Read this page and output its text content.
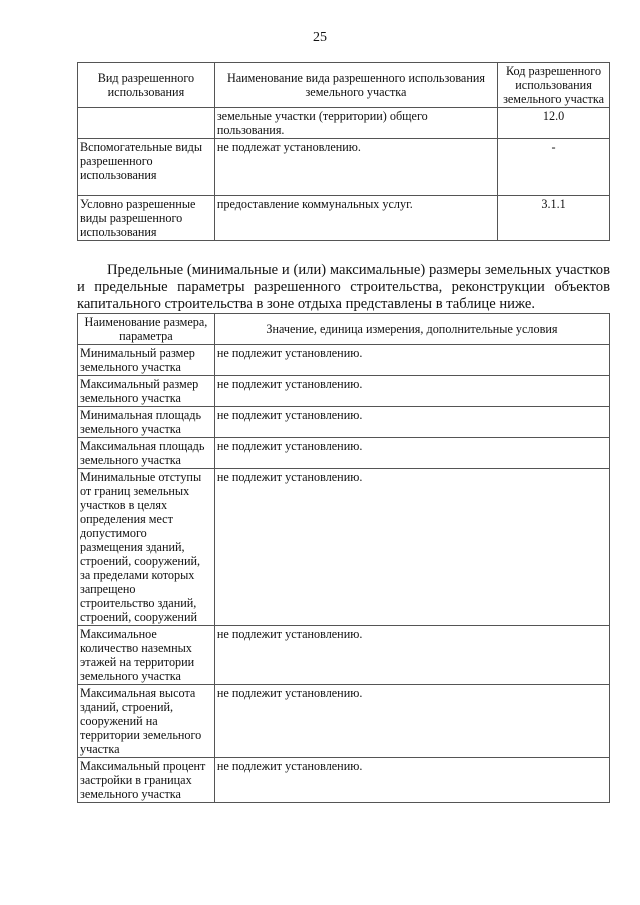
25
Вид разрешенного использования	Наименование вида разрешенного использования земельного участка	Код разрешенного использования земельного участка
	земельные участки (территории) общего пользования.	12.0
Вспомогательные виды разрешенного использования	не подлежат установлению.	-
Условно разрешенные виды разрешенного использования	предоставление коммунальных услуг.	3.1.1

Предельные (минимальные и (или) максимальные) размеры земельных участков и предельные параметры разрешенного строительства, реконструкции объектов капитального строительства в зоне отдыха представлены в таблице ниже.

Наименование размера, параметра	Значение, единица измерения, дополнительные условия
Минимальный размер земельного участка	не подлежит установлению.
Максимальный размер земельного участка	не подлежит установлению.
Минимальная площадь земельного участка	не подлежит установлению.
Максимальная площадь земельного участка	не подлежит установлению.
Минимальные отступы от границ земельных участков в целях определения мест допустимого размещения зданий, строений, сооружений, за пределами которых запрещено строительство зданий, строений, сооружений	не подлежит установлению.
Максимальное количество наземных этажей на территории земельного участка	не подлежит установлению.
Максимальная высота зданий, строений, сооружений на территории земельного участка	не подлежит установлению.
Максимальный процент застройки в границах земельного участка	не подлежит установлению.
